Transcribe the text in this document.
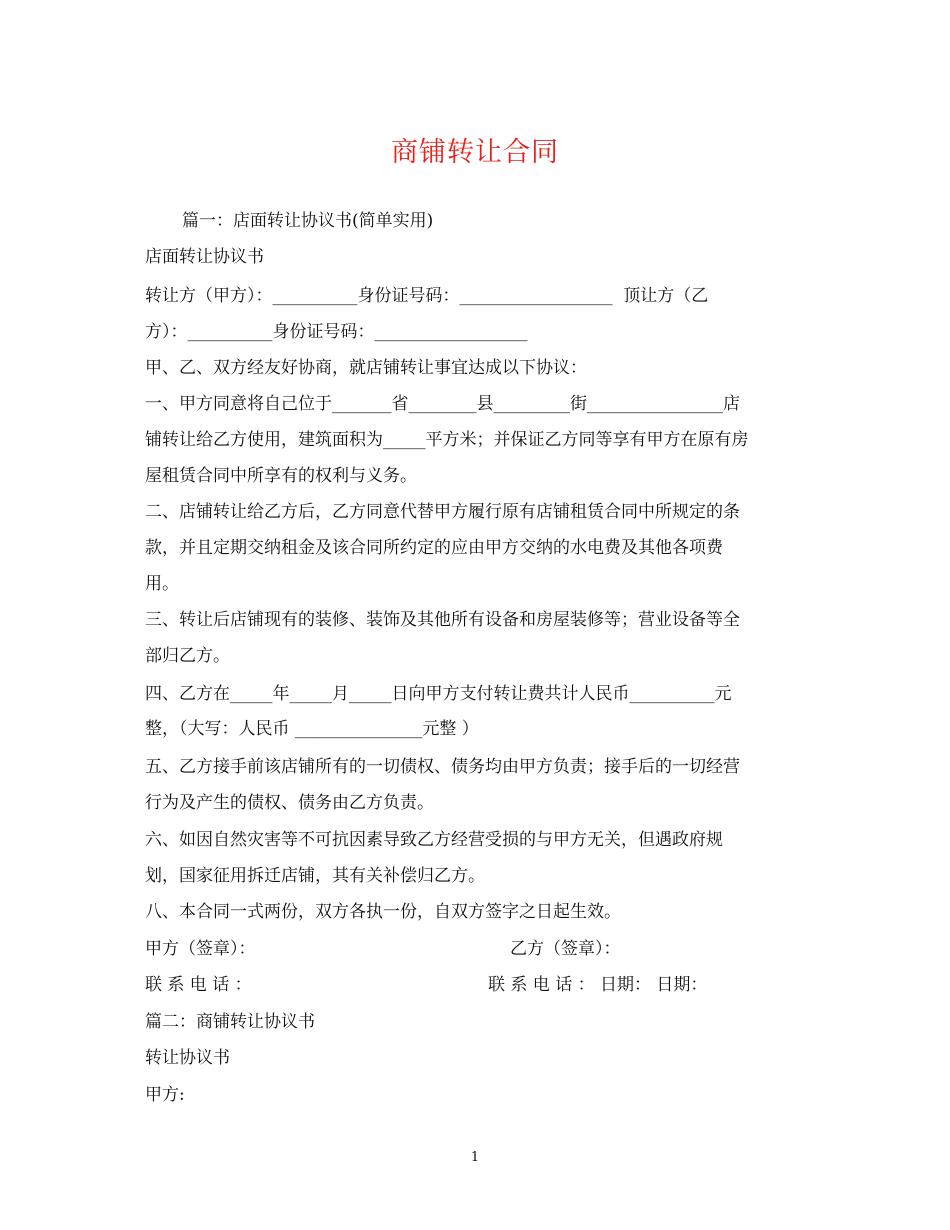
商铺转让合同
篇一：店面转让协议书(简单实用)
店面转让协议书
转让方（甲方）：__________身份证号码：__________________  顶让方（乙
方）：__________身份证号码：__________________
甲、乙、双方经友好协商，就店铺转让事宜达成以下协议：
一、甲方同意将自己位于_______省________县_________街________________店
铺转让给乙方使用，建筑面积为_____平方米；并保证乙方同等享有甲方在原有房
屋租赁合同中所享有的权利与义务。
二、店铺转让给乙方后，乙方同意代替甲方履行原有店铺租赁合同中所规定的条
款，并且定期交纳租金及该合同所约定的应由甲方交纳的水电费及其他各项费
用。
三、转让后店铺现有的装修、装饰及其他所有设备和房屋装修等；营业设备等全
部归乙方。
四、乙方在_____年_____月_____日向甲方支付转让费共计人民币__________元
整，（大写：人民币 _______________元整 ）
五、乙方接手前该店铺所有的一切债权、债务均由甲方负责；接手后的一切经营
行为及产生的债权、债务由乙方负责。
六、如因自然灾害等不可抗因素导致乙方经营受损的与甲方无关，但遇政府规
划，国家征用拆迁店铺，其有关补偿归乙方。
八、本合同一式两份，双方各执一份，自双方签字之日起生效。
甲方（签章）：	乙方（签章）：
联 系 电 话 ：	联 系 电 话 ： 日期： 日期：
篇二：商铺转让协议书
转让协议书
甲方:
1
